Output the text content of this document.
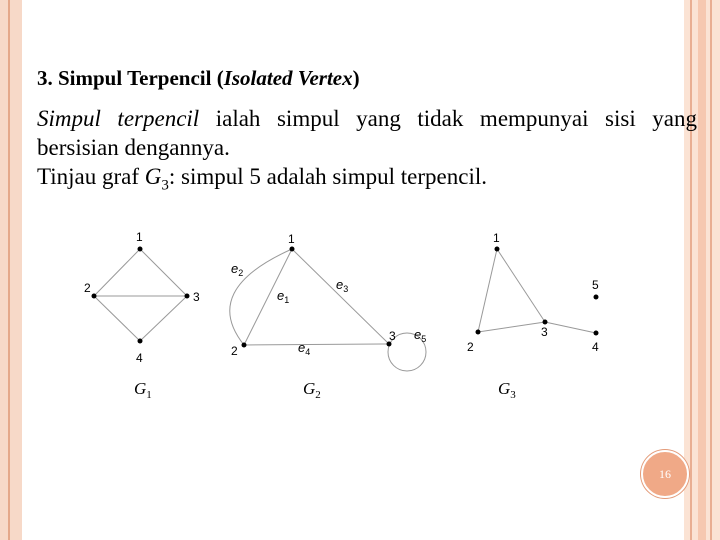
3. Simpul Terpencil (Isolated Vertex)

Simpul terpencil ialah simpul yang tidak mempunyai sisi yang bersisian dengannya.
Tinjau graf $G_3$: simpul 5 adalah simpul terpencil.

1
2
3
4
$G_1$
1
2
3
$e_1$
$e_2$
$e_3$
$e_4$
$e_5$
$G_2$
1
2
3
4
5
$G_3$
16
